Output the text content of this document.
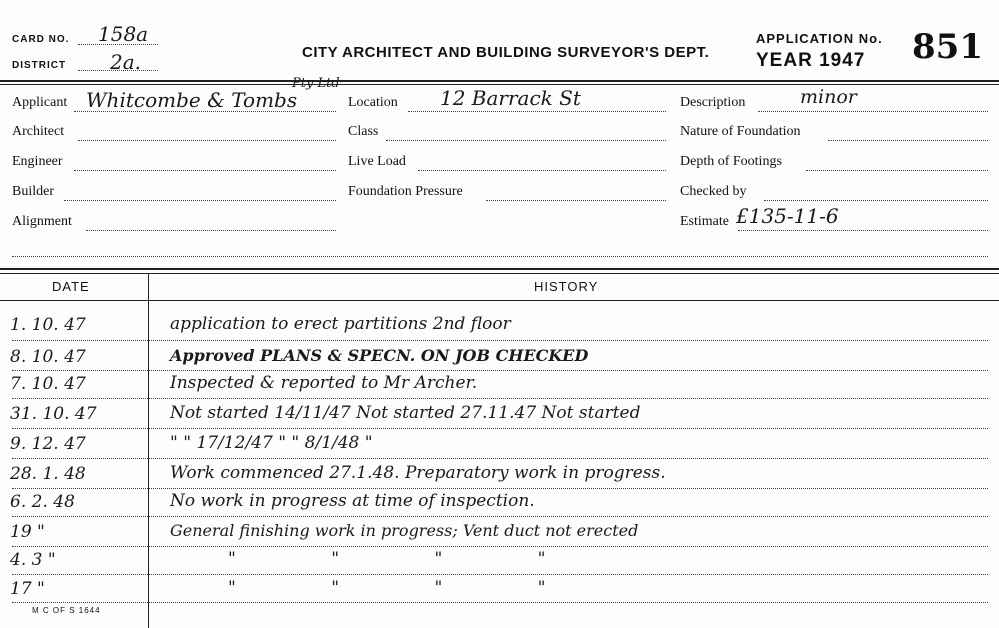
CARD NO. 158a
DISTRICT 2a.	CITY ARCHITECT AND BUILDING SURVEYOR'S DEPT.
APPLICATION No.
YEAR 1947 851
Applicant Whitcombe & Tombs
Pty Ltd
Architect
Engineer
Builder
Alignment
Location 12 Barrack St
Class
Live Load
Foundation Pressure
Description	minor
Nature of Foundation
Depth of Footings
Checked by
Estimate £135-11-6
DATE	HISTORY
1. 10. 47	application to erect partitions 2nd floor
8. 10. 47	Approved PLANS & SPECN. ON JOB CHECKED
7. 10. 47	Inspected & reported to Mr Archer.
31. 10. 47	Not started 14/11/47 Not started 27.11.47 Not started
9. 12. 47	" " 17/12/47 " " 8/1/48 "
28. 1. 48	Work commenced 27.1.48. Preparatory work in progress.
6. 2. 48	No work in progress at time of inspection.
19 "	General finishing work in progress; Vent duct not erected
4. 3 "	" " " "
17 "	" " " "
M C OF S 1644
